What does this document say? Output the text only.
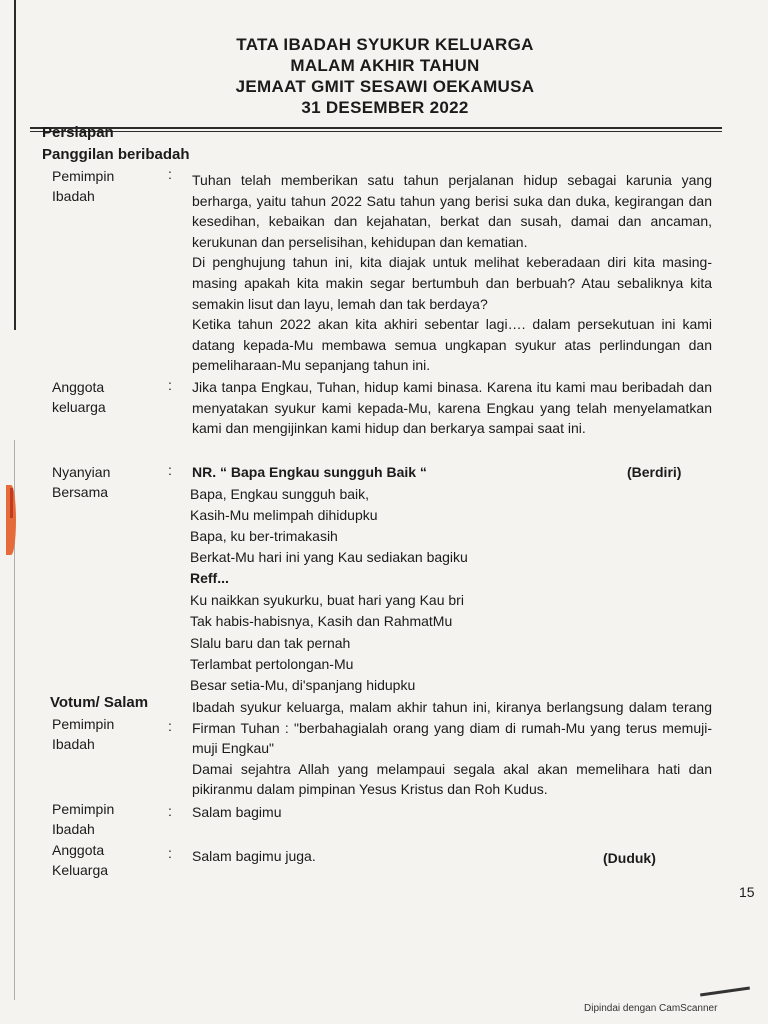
TATA IBADAH SYUKUR KELUARGA
MALAM AKHIR TAHUN
JEMAAT GMIT SESAWI OEKAMUSA
31 DESEMBER 2022
Persiapan
Panggilan beribadah
Pemimpin
Ibadah
: Tuhan telah memberikan satu tahun perjalanan hidup sebagai karunia yang berharga, yaitu tahun 2022 Satu tahun yang berisi suka dan duka, kegirangan dan kesedihan, kebaikan dan kejahatan, berkat dan susah, damai dan ancaman, kerukunan dan perselisihan, kehidupan dan kematian.

Di penghujung tahun ini, kita diajak untuk melihat keberadaan diri kita masing-masing apakah kita makin segar bertumbuh dan berbuah? Atau sebaliknya kita semakin lisut dan layu, lemah dan tak berdaya?

Ketika tahun 2022 akan kita akhiri sebentar lagi…. dalam persekutuan ini kami datang kepada-Mu membawa semua ungkapan syukur atas perlindungan dan pemeliharaan-Mu sepanjang tahun ini.

Anggota
keluarga
: Jika tanpa Engkau, Tuhan, hidup kami binasa. Karena itu kami mau beribadah dan menyatakan syukur kami kepada-Mu, karena Engkau yang telah menyelamatkan kami dan mengijinkan kami hidup dan berkarya sampai saat ini.

Nyanyian
Bersama
: NR. “ Bapa Engkau sungguh Baik “	(Berdiri)
Bapa, Engkau sungguh baik,
Kasih-Mu melimpah dihidupku
Bapa, ku ber-trimakasih
Berkat-Mu hari ini yang Kau sediakan bagiku
Reff...
Ku naikkan syukurku, buat hari yang Kau bri
Tak habis-habisnya, Kasih dan RahmatMu
Slalu baru dan tak pernah
Terlambat pertolongan-Mu
Besar setia-Mu, di'spanjang hidupku
Votum/ Salam
Pemimpin
Ibadah
:

Ibadah syukur keluarga, malam akhir tahun ini, kiranya berlangsung dalam terang Firman Tuhan : "berbahagialah orang yang diam di rumah-Mu yang terus memuji-muji Engkau"

Damai sejahtra Allah yang melampaui segala akal akan memelihara hati dan pikiranmu dalam pimpinan Yesus Kristus dan Roh Kudus.

Pemimpin
Ibadah
: Salam bagimu
Anggota
Keluarga
: Salam bagimu juga.	(Duduk)
15
Dipindai dengan CamScanner
